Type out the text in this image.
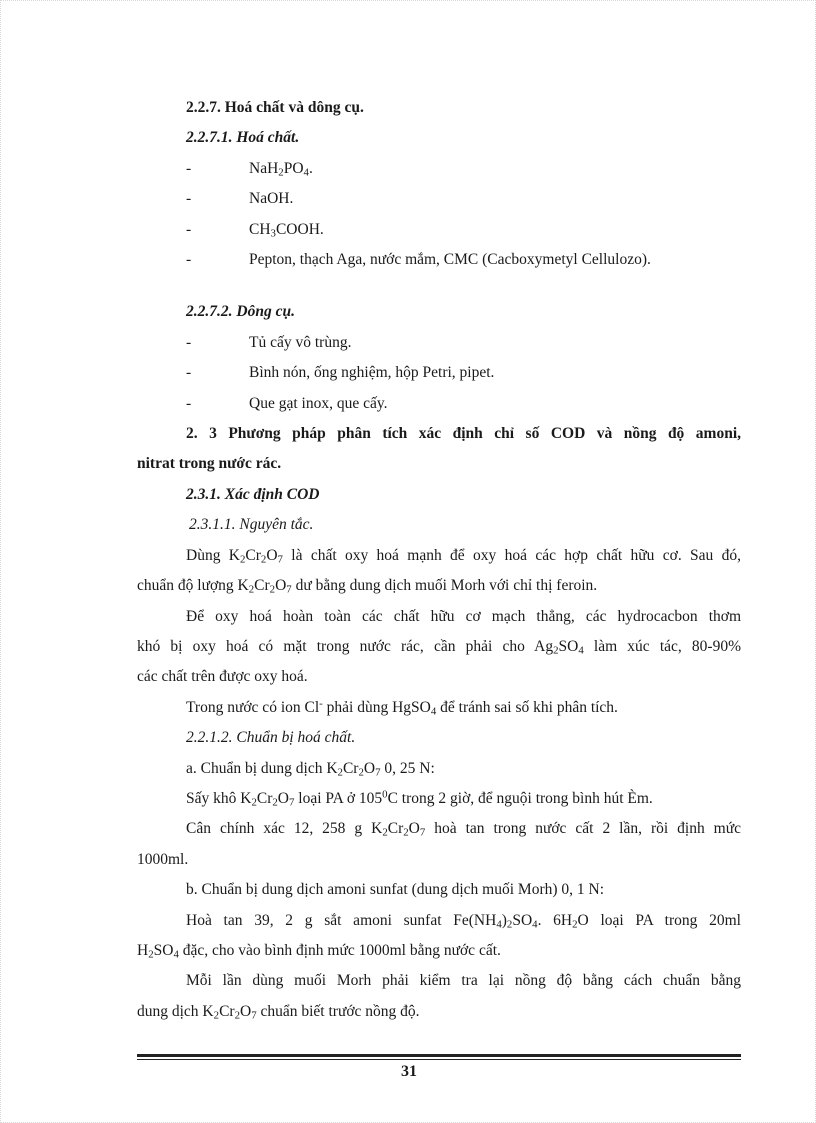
2.2.7. Hoá chất và dông cụ.
2.2.7.1. Hoá chất.
-	$NaH_2PO_4$.
-	NaOH.
-	$CH_3COOH$.
-	Pepton, thạch Aga, nước mắm, CMC (Cacboxymetyl Cellulozo).
2.2.7.2. Dông cụ.
-	Tủ cấy vô trùng.
-	Bình nón, ống nghiệm, hộp Petri, pipet.
-	Que gạt inox, que cấy.
2. 3 Phương pháp phân tích xác định chỉ số COD và nồng độ amoni,
nitrat trong nước rác.
2.3.1. Xác định COD
2.3.1.1. Nguyên tắc.
Dùng $K_2Cr_2O_7$ là chất oxy hoá mạnh để oxy hoá các hợp chất hữu cơ. Sau đó,
chuẩn độ lượng $K_2Cr_2O_7$ dư bằng dung dịch muối Morh với chỉ thị feroin.
Để oxy hoá hoàn toàn các chất hữu cơ mạch thẳng, các hydrocacbon thơm
khó bị oxy hoá có mặt trong nước rác, cần phải cho $Ag_2SO_4$ làm xúc tác, 80-90%
các chất trên được oxy hoá.
Trong nước có ion Cl- phải dùng HgSO$_4$ để tránh sai số khi phân tích.
2.2.1.2. Chuẩn bị hoá chất.
a. Chuẩn bị dung dịch $K_2Cr_2O_7$ 0, 25 N:
Sấy khô $K_2Cr_2O_7$ loại PA ở $105^0C$ trong 2 giờ, để nguội trong bình hút Èm.
Cân chính xác 12, 258 g $K_2Cr_2O_7$ hoà tan trong nước cất 2 lần, rồi định mức
1000ml.
b. Chuẩn bị dung dịch amoni sunfat (dung dịch muối Morh) 0, 1 N:
Hoà tan 39, 2 g sắt amoni sunfat $Fe(NH_4)_2SO_4$. $6H_2O$ loại PA trong 20ml
$H_2SO_4$ đặc, cho vào bình định mức 1000ml bằng nước cất.
Mỗi lần dùng muối Morh phải kiểm tra lại nồng độ bằng cách chuẩn bằng
dung dịch $K_2Cr_2O_7$ chuẩn biết trước nồng độ.
31
